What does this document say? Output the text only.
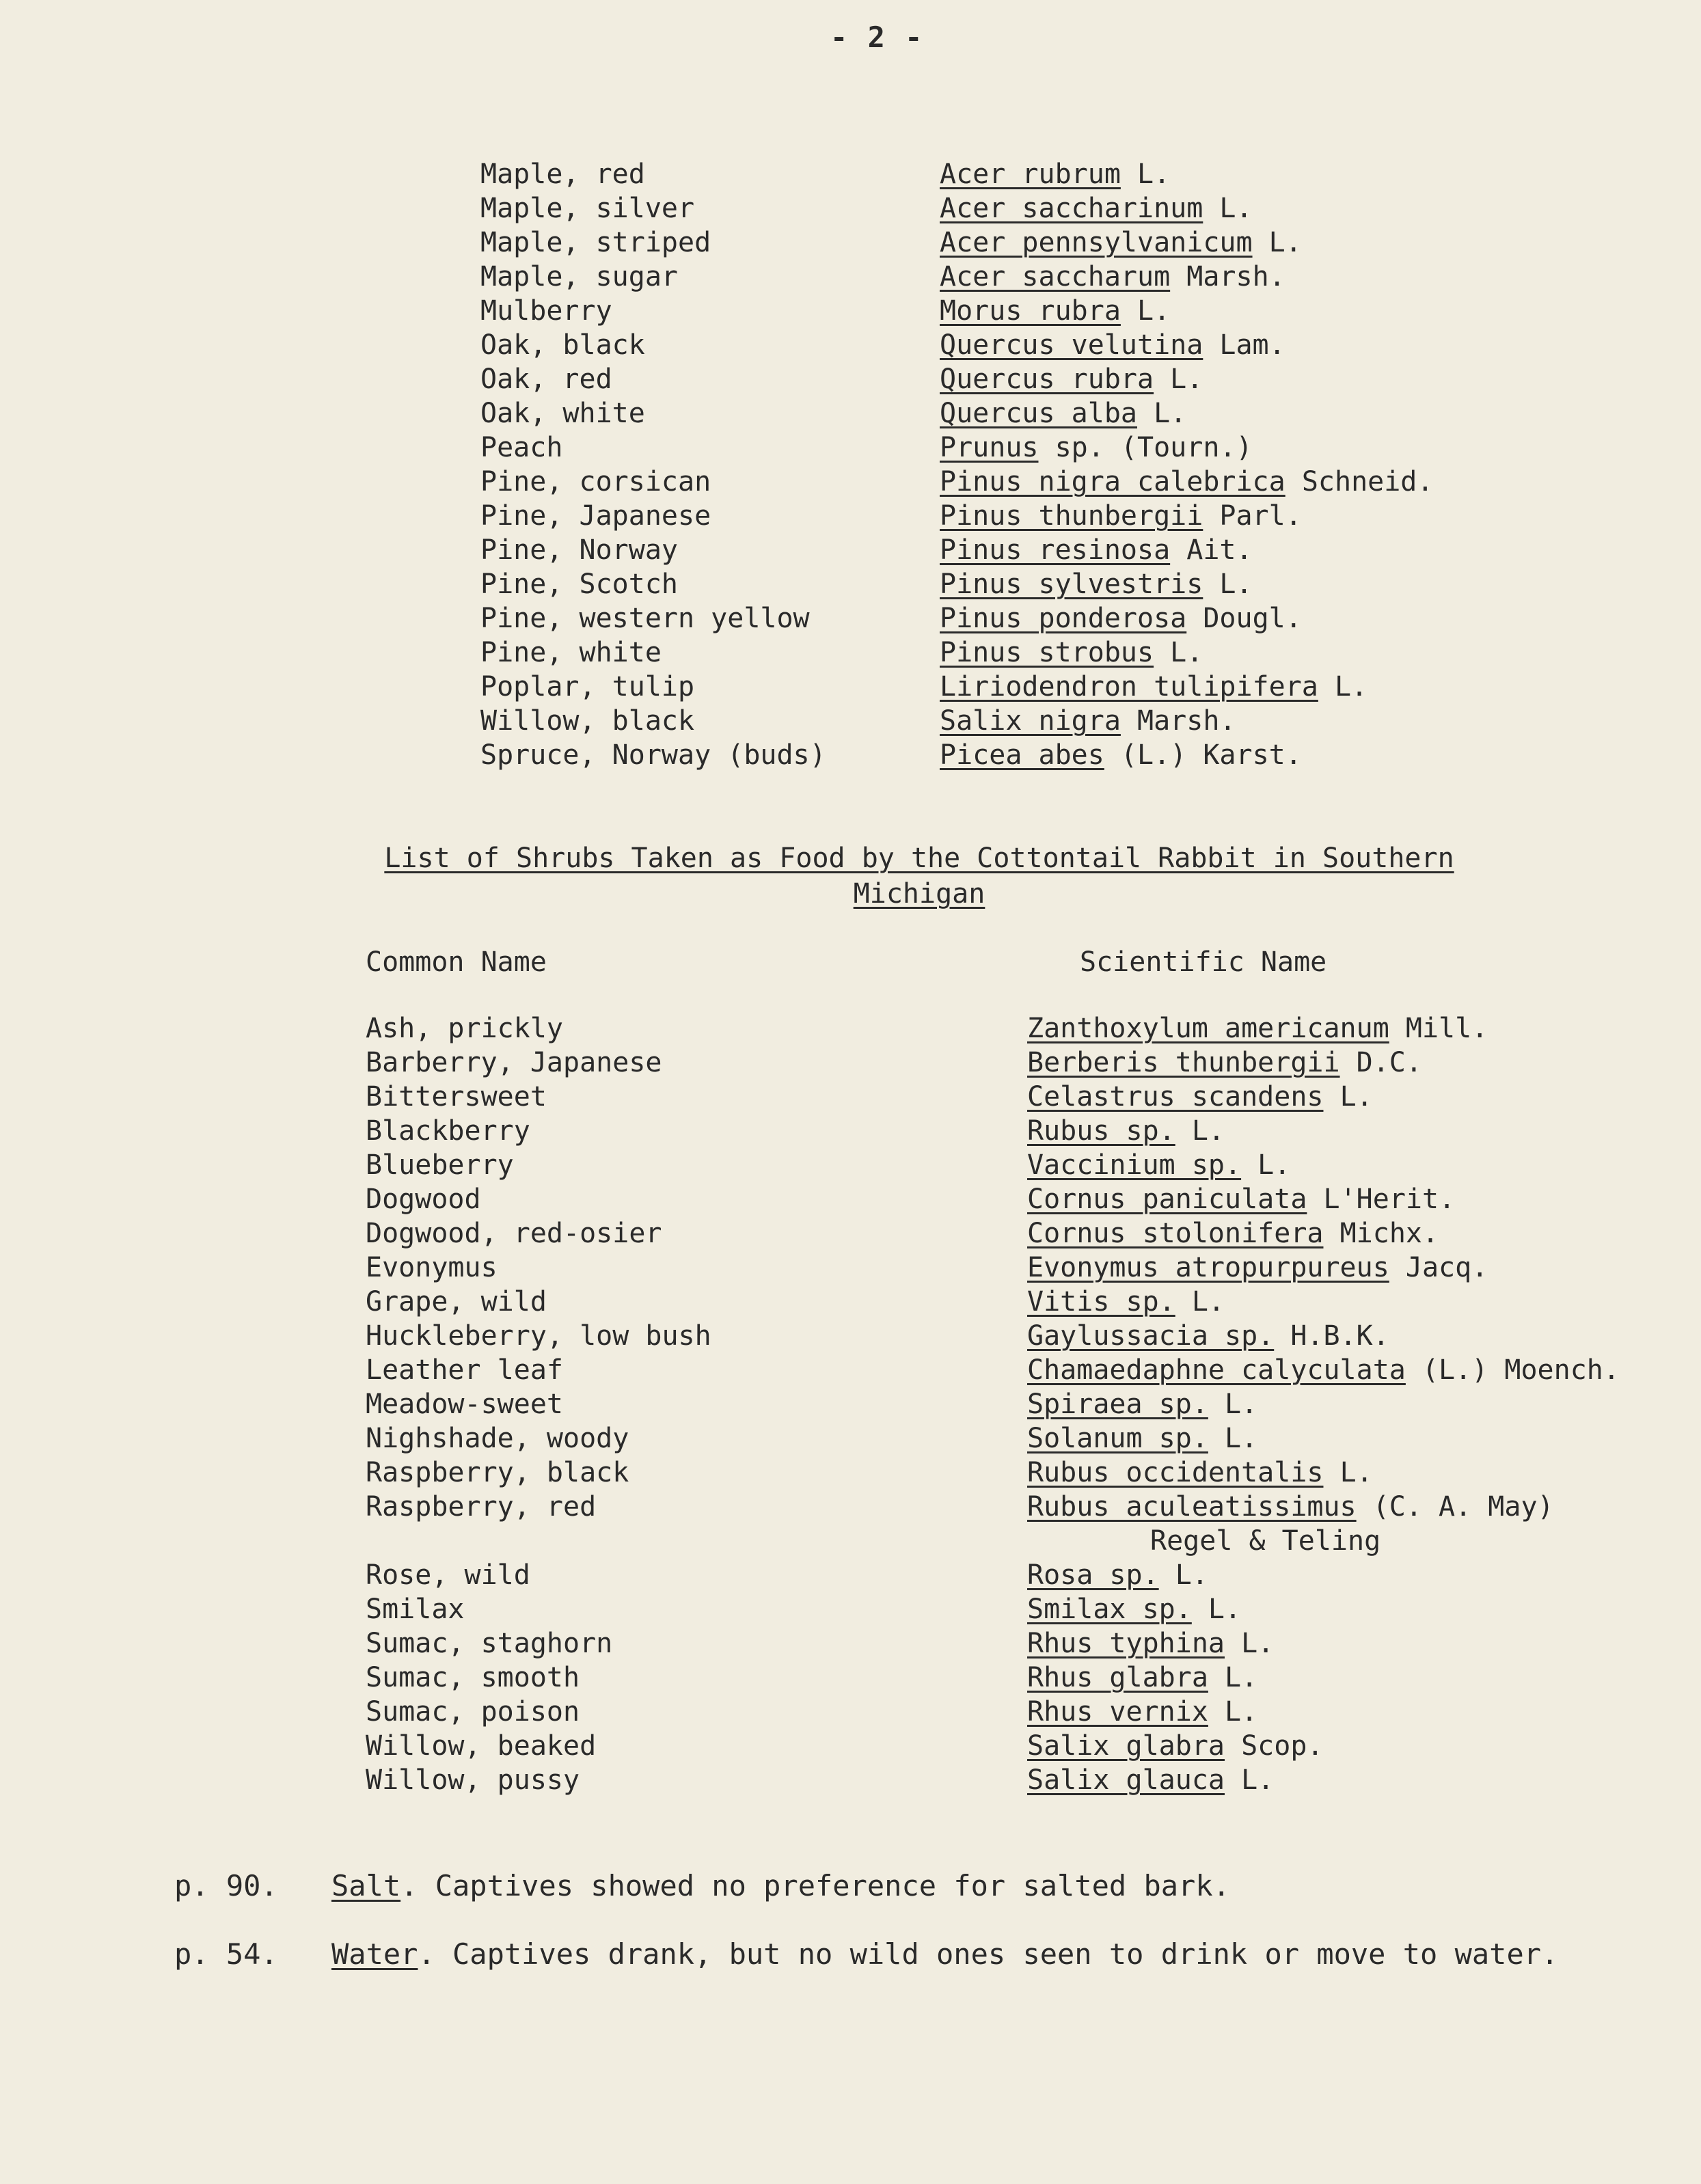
- 2 -
Maple, red	Acer rubrum L.
Maple, silver	Acer saccharinum L.
Maple, striped	Acer pennsylvanicum L.
Maple, sugar	Acer saccharum Marsh.
Mulberry	Morus rubra L.
Oak, black	Quercus velutina Lam.
Oak, red	Quercus rubra L.
Oak, white	Quercus alba L.
Peach	Prunus sp. (Tourn.)
Pine, corsican	Pinus nigra calebrica Schneid.
Pine, Japanese	Pinus thunbergii Parl.
Pine, Norway	Pinus resinosa Ait.
Pine, Scotch	Pinus sylvestris L.
Pine, western yellow	Pinus ponderosa Dougl.
Pine, white	Pinus strobus L.
Poplar, tulip	Liriodendron tulipifera L.
Willow, black	Salix nigra Marsh.
Spruce, Norway (buds)	Picea abes (L.) Karst.
List of Shrubs Taken as Food by the Cottontail Rabbit in Southern
Michigan
Common Name	Scientific Name
Ash, prickly	Zanthoxylum americanum Mill.
Barberry, Japanese	Berberis thunbergii D.C.
Bittersweet	Celastrus scandens L.
Blackberry	Rubus sp. L.
Blueberry	Vaccinium sp. L.
Dogwood	Cornus paniculata L'Herit.
Dogwood, red-osier	Cornus stolonifera Michx.
Evonymus	Evonymus atropurpureus Jacq.
Grape, wild	Vitis sp. L.
Huckleberry, low bush	Gaylussacia sp. H.B.K.
Leather leaf	Chamaedaphne calyculata (L.) Moench.
Meadow-sweet	Spiraea sp. L.
Nighshade, woody	Solanum sp. L.
Raspberry, black	Rubus occidentalis L.
Raspberry, red	Rubus aculeatissimus (C. A. May)
Regel & Teling
Rose, wild	Rosa sp. L.
Smilax	Smilax sp. L.
Sumac, staghorn	Rhus typhina L.
Sumac, smooth	Rhus glabra L.
Sumac, poison	Rhus vernix L.
Willow, beaked	Salix glabra Scop.
Willow, pussy	Salix glauca L.
p. 90. Salt. Captives showed no preference for salted bark.
p. 54. Water. Captives drank, but no wild ones seen to drink or move to water.
